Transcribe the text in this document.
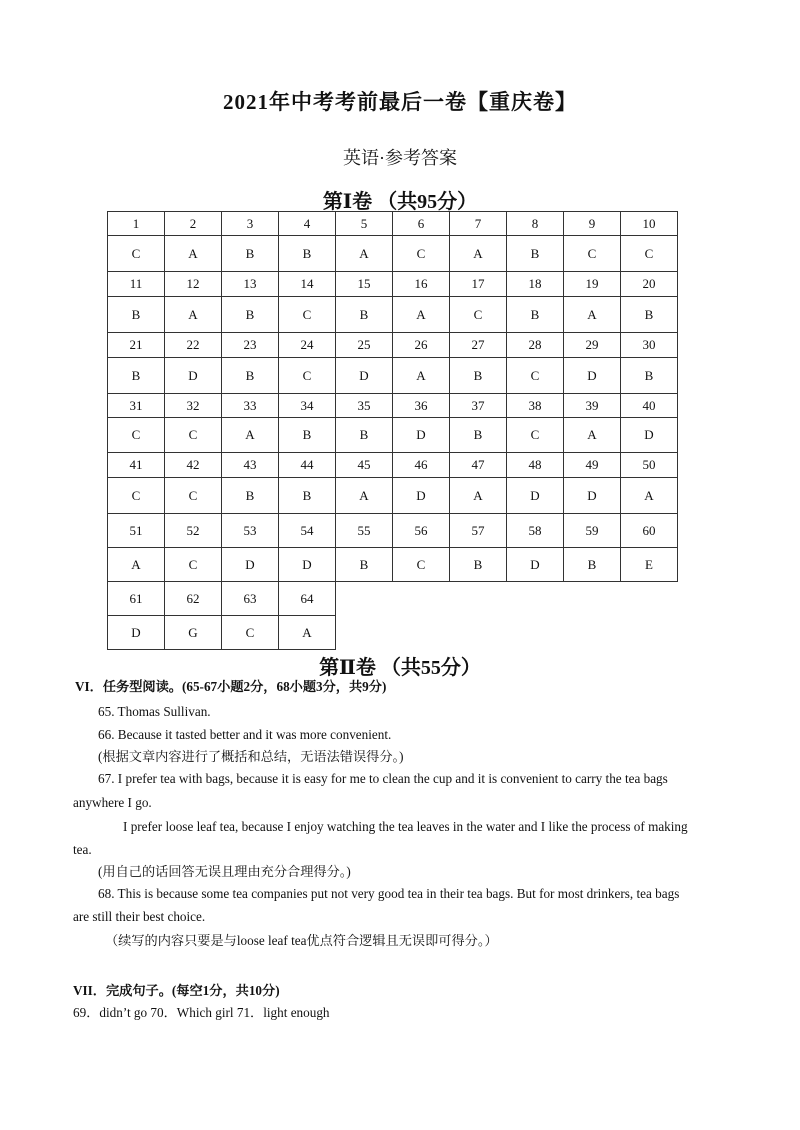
2021年中考考前最后一卷【重庆卷】
英语·参考答案
第Ⅰ卷 （共95分）
1	2	3	4	5	6	7	8	9	10
C	A	B	B	A	C	A	B	C	C
11	12	13	14	15	16	17	18	19	20
B	A	B	C	B	A	C	B	A	B
21	22	23	24	25	26	27	28	29	30
B	D	B	C	D	A	B	C	D	B
31	32	33	34	35	36	37	38	39	40
C	C	A	B	B	D	B	C	A	D
41	42	43	44	45	46	47	48	49	50
C	C	B	B	A	D	A	D	D	A
51	52	53	54	55	56	57	58	59	60
A	C	D	D	B	C	B	D	B	E
61	62	63	64						
D	G	C	A						
第Ⅱ卷 （共55分）
VI．任务型阅读。(65-67小题2分，68小题3分，共9分)
65. Thomas Sullivan.
66. Because it tasted better and it was more convenient.
(根据文章内容进行了概括和总结，无语法错误得分。)
67. I prefer tea with bags, because it is easy for me to clean the cup and it is convenient to carry the tea bags
anywhere I go.
I prefer loose leaf tea, because I enjoy watching the tea leaves in the water and I like the process of making
tea.
(用自己的话回答无误且理由充分合理得分。)
68. This is because some tea companies put not very good tea in their tea bags. But for most drinkers, tea bags
are still their best choice.
（续写的内容只要是与loose leaf tea优点符合逻辑且无误即可得分。）
VII．完成句子。(每空1分，共10分)
69．didn’t go 70．Which girl 71．light enough
